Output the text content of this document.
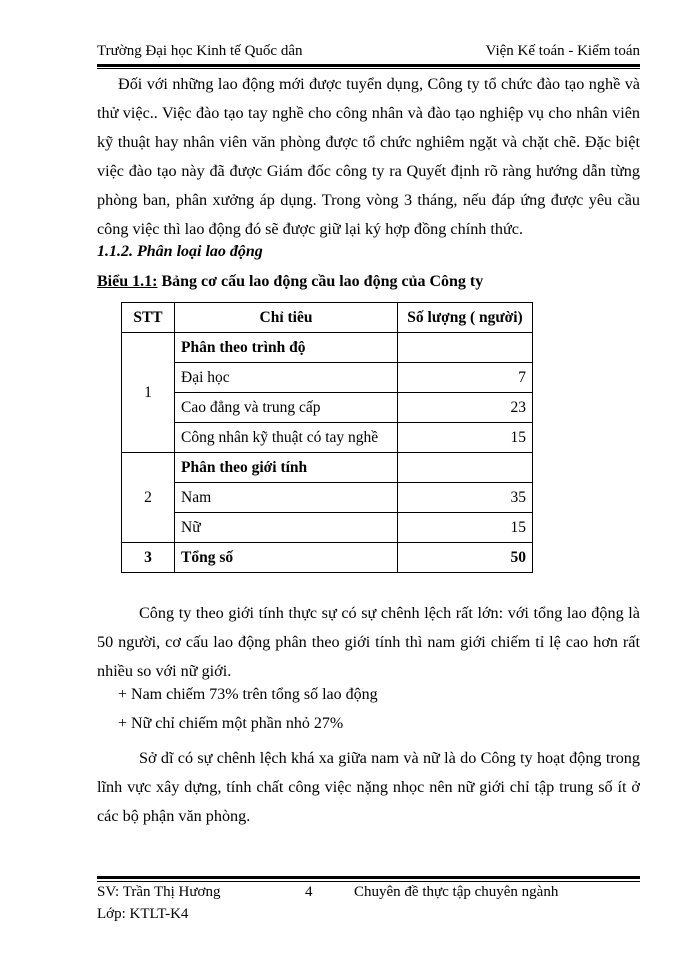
Trường Đại học Kinh tế Quốc dân	Viện Kế toán - Kiểm toán
Đối với những lao động mới được tuyển dụng, Công ty tổ chức đào tạo nghề và thử việc.. Việc đào tạo tay nghề cho công nhân và đào tạo nghiệp vụ cho nhân viên kỹ thuật hay nhân viên văn phòng được tổ chức nghiêm ngặt và chặt chẽ. Đặc biệt việc đào tạo này đã được Giám đốc công ty ra Quyết định rõ ràng hướng dẫn từng phòng ban, phân xưởng áp dụng. Trong vòng 3 tháng, nếu đáp ứng được yêu cầu công việc thì lao động đó sẽ được giữ lại ký hợp đồng chính thức.
1.1.2. Phân loại lao động
Biểu 1.1: Bảng cơ cấu lao động cầu lao động của Công ty
STT	Chỉ tiêu	Số lượng ( người)
1	Phân theo trình độ	
	Đại học	7
	Cao đẳng và trung cấp	23
	Công nhân kỹ thuật có tay nghề	15
2	Phân theo giới tính	
	Nam	35
	Nữ	15
3	Tổng số	50
Công ty theo giới tính thực sự có sự chênh lệch rất lớn: với tổng lao động là 50 người, cơ cấu lao động phân theo giới tính thì nam giới chiếm tỉ lệ cao hơn rất nhiều so với nữ giới.
+ Nam chiếm 73% trên tổng số lao động
+ Nữ chỉ chiếm một phần nhỏ 27%
Sở dĩ có sự chênh lệch khá xa giữa nam và nữ là do Công ty hoạt động trong lĩnh vực xây dựng, tính chất công việc nặng nhọc nên nữ giới chỉ tập trung số ít ở các bộ phận văn phòng.
SV: Trần Thị Hương
Lớp: KTLT-K4
4	Chuyên đề thực tập chuyên ngành
